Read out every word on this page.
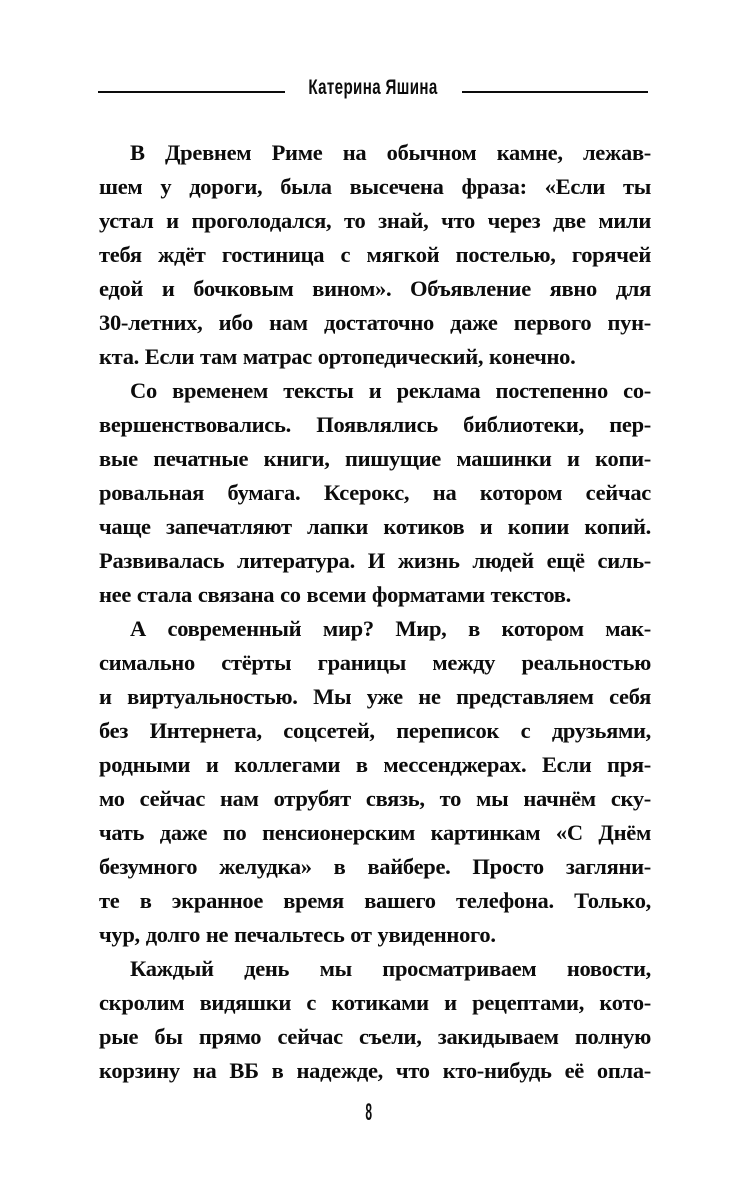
Катерина Яшина
В Древнем Риме на обычном камне, лежав-
шем у дороги, была высечена фраза: «Если ты
устал и проголодался, то знай, что через две мили
тебя ждёт гостиница с мягкой постелью, горячей
едой и бочковым вином». Объявление явно для
30-летних, ибо нам достаточно даже первого пун-
кта. Если там матрас ортопедический, конечно.
Со временем тексты и реклама постепенно со-
вершенствовались. Появлялись библиотеки, пер-
вые печатные книги, пишущие машинки и копи-
ровальная бумага. Ксерокс, на котором сейчас
чаще запечатляют лапки котиков и копии копий.
Развивалась литература. И жизнь людей ещё силь-
нее стала связана со всеми форматами текстов.
А современный мир? Мир, в котором мак-
симально стёрты границы между реальностью
и виртуальностью. Мы уже не представляем себя
без Интернета, соцсетей, переписок с друзьями,
родными и коллегами в мессенджерах. Если пря-
мо сейчас нам отрубят связь, то мы начнём ску-
чать даже по пенсионерским картинкам «С Днём
безумного желудка» в вайбере. Просто загляни-
те в экранное время вашего телефона. Только,
чур, долго не печальтесь от увиденного.
Каждый день мы просматриваем новости,
скролим видяшки с котиками и рецептами, кото-
рые бы прямо сейчас съели, закидываем полную
корзину на ВБ в надежде, что кто-нибудь её опла-
8
